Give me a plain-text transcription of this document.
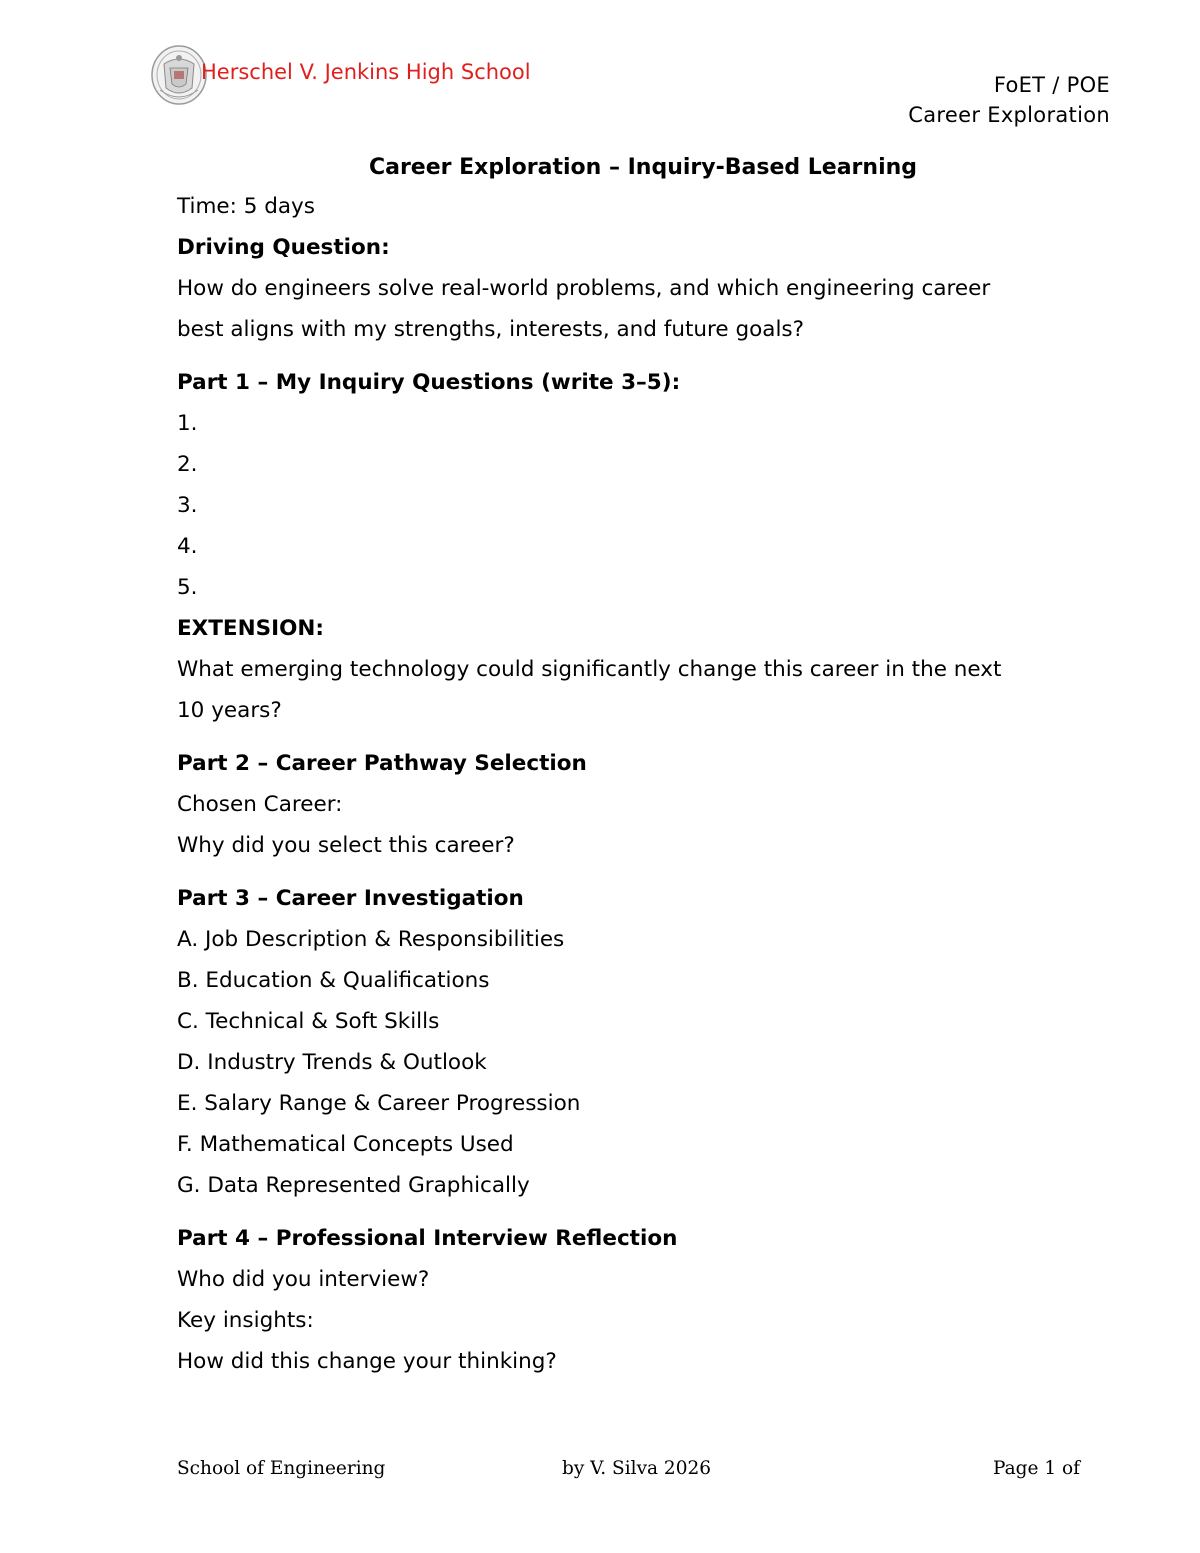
Herschel V. Jenkins High School
FoET / POE
Career Exploration
Career Exploration – Inquiry-Based Learning
Time: 5 days
Driving Question:
How do engineers solve real-world problems, and which engineering career
best aligns with my strengths, interests, and future goals?
Part 1 – My Inquiry Questions (write 3–5):
1.
2.
3.
4.
5.
EXTENSION:
What emerging technology could significantly change this career in the next
10 years?
Part 2 – Career Pathway Selection
Chosen Career:
Why did you select this career?
Part 3 – Career Investigation
A. Job Description & Responsibilities
B. Education & Qualifications
C. Technical & Soft Skills
D. Industry Trends & Outlook
E. Salary Range & Career Progression
F. Mathematical Concepts Used
G. Data Represented Graphically
Part 4 – Professional Interview Reflection
Who did you interview?
Key insights:
How did this change your thinking?
School of Engineering	by V. Silva 2026	Page 1 of
